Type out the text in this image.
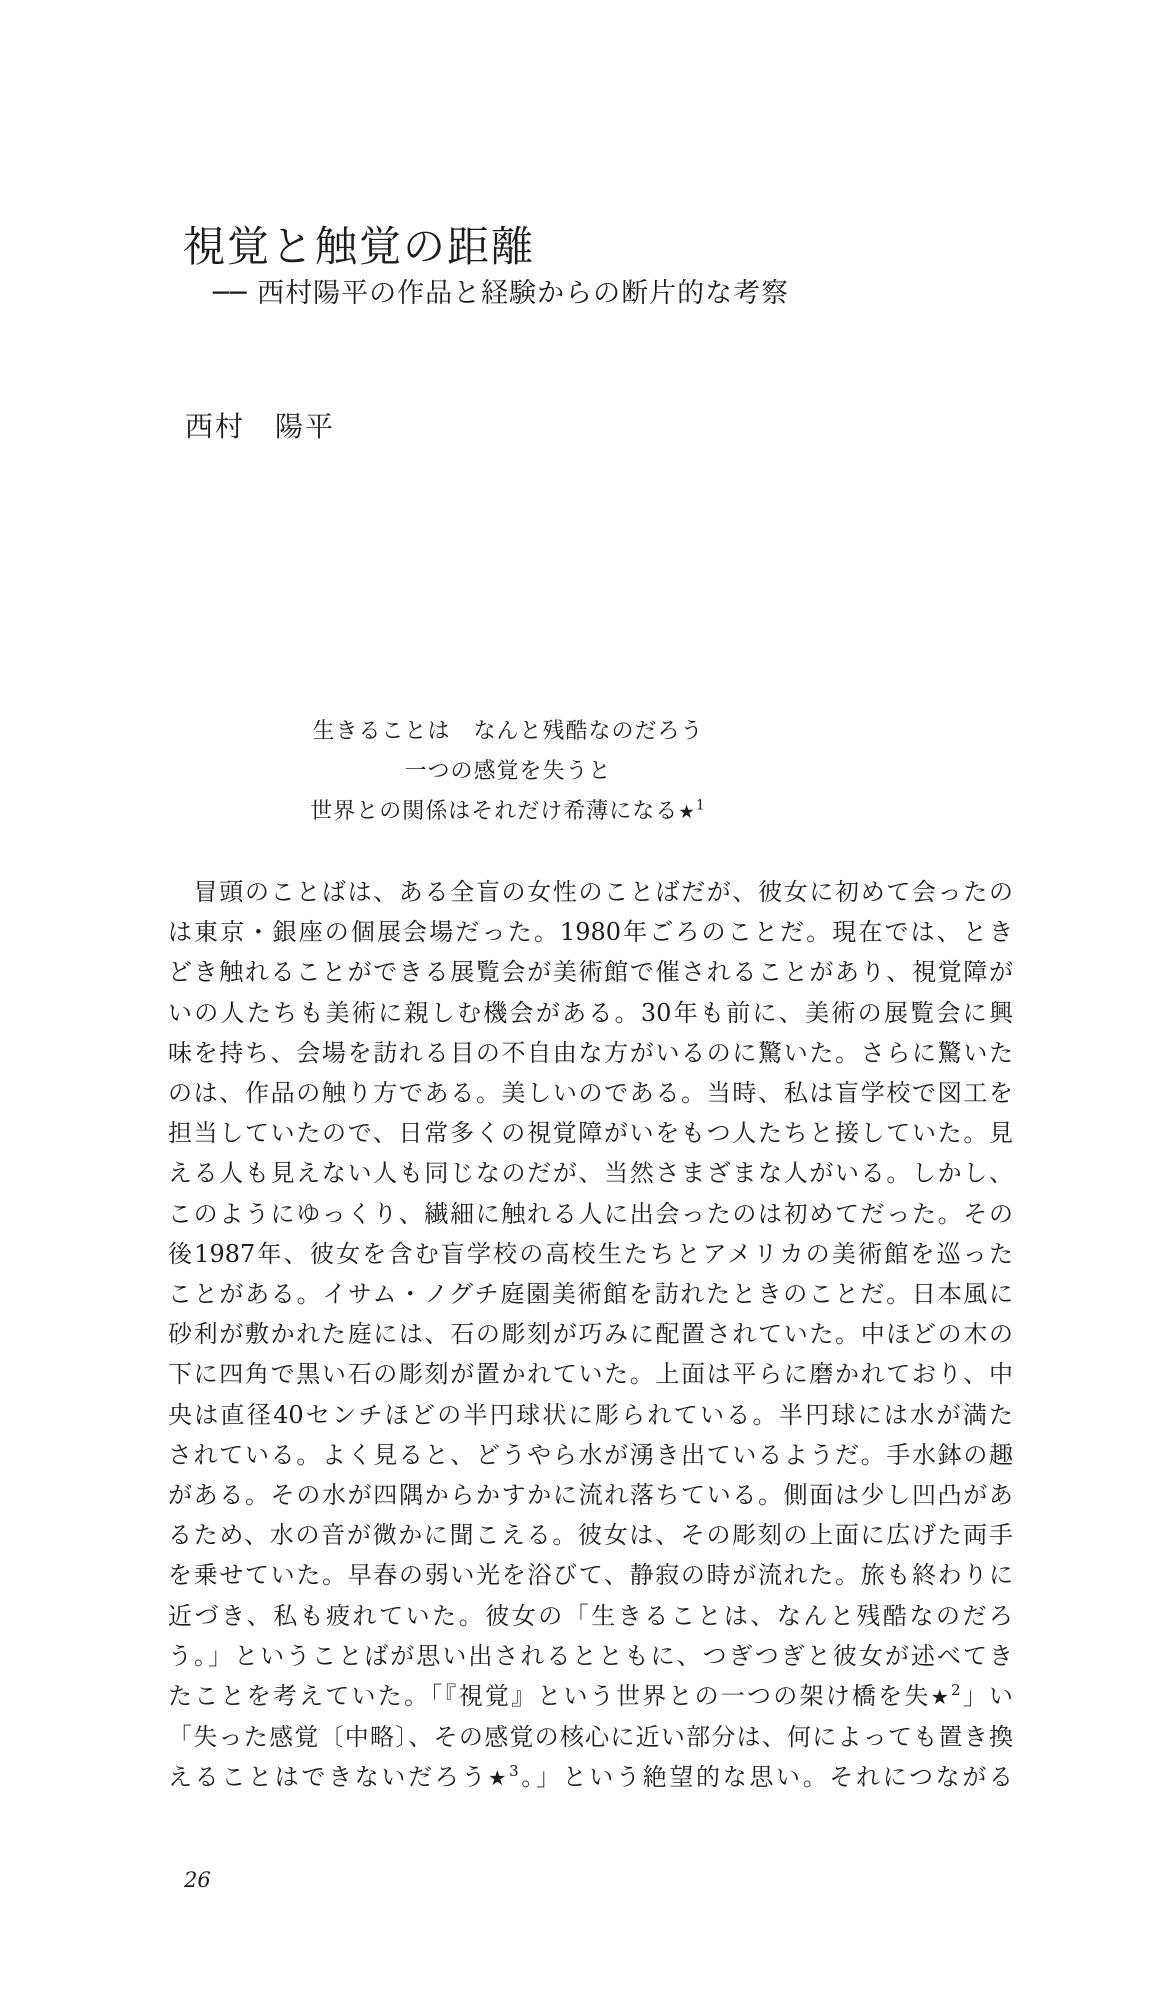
視覚と触覚の距離
── 西村陽平の作品と経験からの断片的な考察
西村　陽平
生きることは　なんと残酷なのだろう
一つの感覚を失うと
世界との関係はそれだけ希薄になる★$^1$
　冒頭のことばは、ある全盲の女性のことばだが、彼女に初めて会ったの
は東京・銀座の個展会場だった。1980年ごろのことだ。現在では、とき
どき触れることができる展覧会が美術館で催されることがあり、視覚障が
いの人たちも美術に親しむ機会がある。30年も前に、美術の展覧会に興
味を持ち、会場を訪れる目の不自由な方がいるのに驚いた。さらに驚いた
のは、作品の触り方である。美しいのである。当時、私は盲学校で図工を
担当していたので、日常多くの視覚障がいをもつ人たちと接していた。見
える人も見えない人も同じなのだが、当然さまざまな人がいる。しかし、
このようにゆっくり、繊細に触れる人に出会ったのは初めてだった。その
後1987年、彼女を含む盲学校の高校生たちとアメリカの美術館を巡った
ことがある。イサム・ノグチ庭園美術館を訪れたときのことだ。日本風に
砂利が敷かれた庭には、石の彫刻が巧みに配置されていた。中ほどの木の
下に四角で黒い石の彫刻が置かれていた。上面は平らに磨かれており、中
央は直径40センチほどの半円球状に彫られている。半円球には水が満た
されている。よく見ると、どうやら水が湧き出ているようだ。手水鉢の趣
がある。その水が四隅からかすかに流れ落ちている。側面は少し凹凸があ
るため、水の音が微かに聞こえる。彼女は、その彫刻の上面に広げた両手
を乗せていた。早春の弱い光を浴びて、静寂の時が流れた。旅も終わりに
近づき、私も疲れていた。彼女の「生きることは、なんと残酷なのだろ
う。」ということばが思い出されるとともに、つぎつぎと彼女が述べてき
たことを考えていた。「『視覚』という世界との一つの架け橋を失★$^2$」い
「失った感覚〔中略〕、その感覚の核心に近い部分は、何によっても置き換
えることはできないだろう★$^3$。」という絶望的な思い。それにつながる
26
